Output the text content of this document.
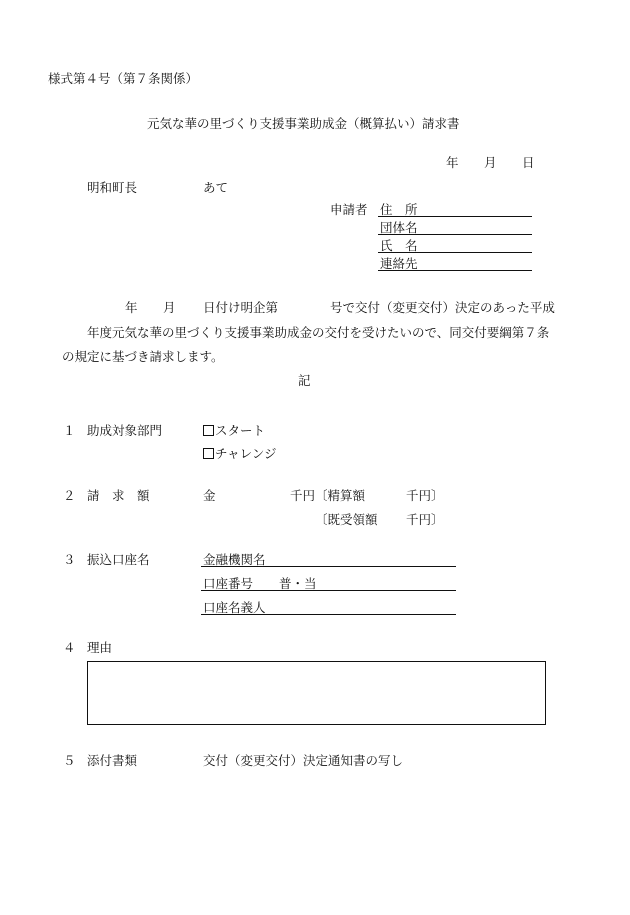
様式第４号（第７条関係）
元気な華の里づくり支援事業助成金（概算払い）請求書
年 月 日
明和町長	あて
申請者 住　所
団体名
氏　名
連絡先
年 月 日付け明企第	号で交付（変更交付）決定のあった平成
年度元気な華の里づくり支援事業助成金の交付を受けたいので、同交付要綱第７条
の規定に基づき請求します。
記
１ 助成対象部門	スタート
チャレンジ
２ 請　求　額	金	千円 〔精算額	千円〕
〔既受領額 千円〕
３ 振込口座名	金融機関名
口座番号 普・当
口座名義人
４ 理由
５ 添付書類	交付（変更交付）決定通知書の写し
